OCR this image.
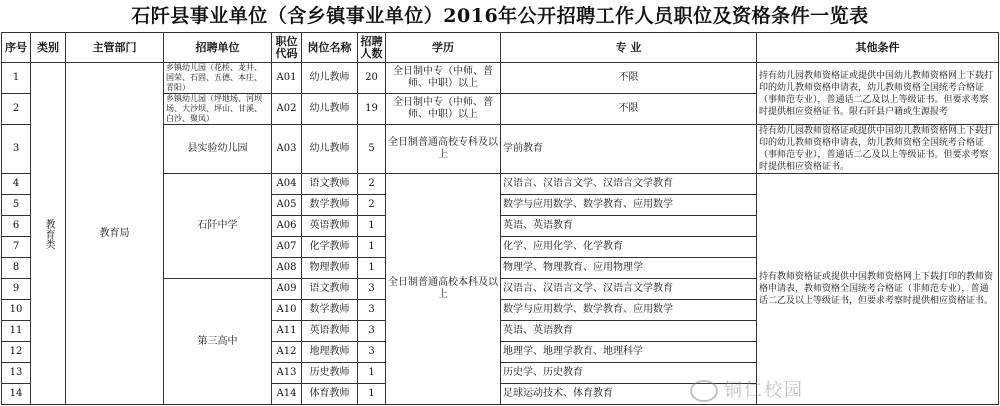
石阡县事业单位（含乡镇事业单位）2016年公开招聘工作人员职位及资格条件一览表
序号	类别	主管部门	招聘单位	职位代码	岗位名称	招聘人数	学历	专 业	其他条件
1	教育类	教育局	乡镇幼儿园（花桥、龙井、国荣、石固、五德、本庄、青阳）	A01	幼儿教师	20	全日制中专（中师、普师、中职）以上	不限	持有幼儿园教师资格证或提供中国幼儿教师资格网上下载打印的幼儿教师资格申请表，幼儿教师资格全国统考合格证（事师范专业），普通话二乙及以上等级证书。但要求考察时提供相应资格证书。限石阡县户籍或生源报考
2			乡镇幼儿园（坪地场、河坝场、大沙坝、坪山、甘溪、白沙、聚凤）	A02	幼儿教师	19	全日制中专（中师、普师、中职）以上	不限	
3			县实验幼儿园	A03	幼儿教师	5	全日制普通高校专科及以上	学前教育	持有幼儿园教师资格证或提供中国幼儿教师资格网上下载打印的幼儿教师资格申请表，幼儿教师资格全国统考合格证（事师范专业），普通话二乙及以上等级证书。但要求考察时提供相应资格证书。
4			石阡中学	A04	语文教师	2	全日制普通高校本科及以上	汉语言、汉语言文学、汉语言文学教育	持有教师资格证或提供中国教师资格网上下载打印的教师资格申请表，教师资格全国统考合格证（非师范专业），普通话二乙及以上等级证书，但要求考察时提供相应资格证书。
5				A05	数学教师	2		数学与应用数学、数学教育、应用数学	
6				A06	英语教师	1		英语、英语教育	
7				A07	化学教师	1		化学、应用化学、化学教育	
8				A08	物理教师	1		物理学、物理教育、应用物理学	
9			第三高中	A09	语文教师	3		汉语言、汉语言文学、汉语言文学教育	
10				A10	数学教师	3		数学与应用数学、数学教育、应用数学	
11				A11	英语教师	3		英语、英语教育	
12				A12	地理教师	3		地理学、地理学教育、地理科学	
13				A13	历史教师	1		历史学、历史教育	
14				A14	体育教师	1		足球运动技术、体育教育		铜仁校园
